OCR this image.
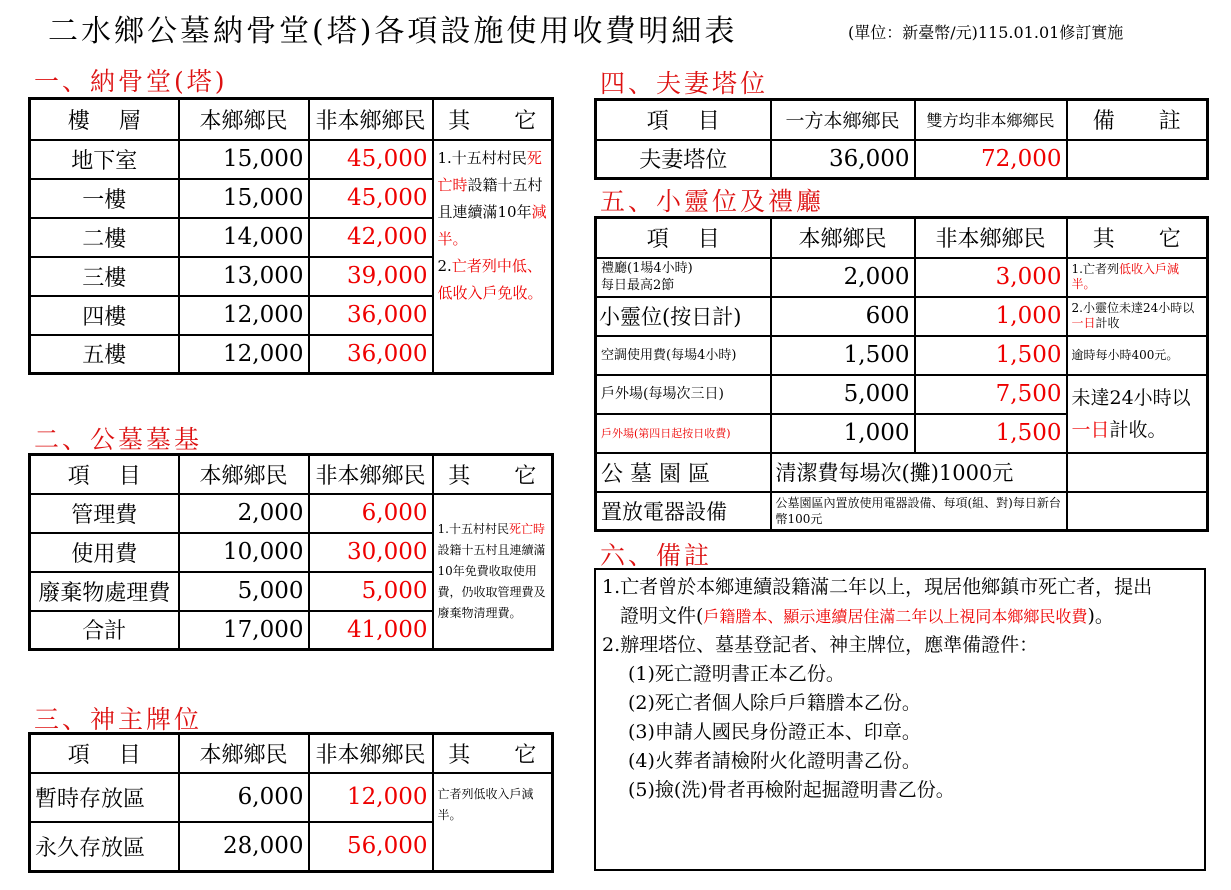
二水鄉公墓納骨堂(塔)各項設施使用收費明細表	(單位：新臺幣/元)115.01.01修訂實施
一、納骨堂(塔)
樓　 層	本鄉鄉民	非本鄉鄉民	其　　它
地下室	15,000	45,000	1.十五村村民死亡時設籍十五村且連續滿10年減半。
2.亡者列中低、低收入戶免收。
一樓	15,000	45,000	
二樓	14,000	42,000	
三樓	13,000	39,000	
四樓	12,000	36,000	
五樓	12,000	36,000	
二、公墓墓基
項　 目	本鄉鄉民	非本鄉鄉民	其　　它
管理費	2,000	6,000	1.十五村村民死亡時設籍十五村且連續滿10年免費收取使用費，仍收取管理費及廢棄物清理費。
使用費	10,000	30,000	
廢棄物處理費	5,000	5,000	
合計	17,000	41,000	
三、神主牌位
項　 目	本鄉鄉民	非本鄉鄉民	其　　它
暫時存放區	6,000	12,000	亡者列低收入戶減半。
永久存放區	28,000	56,000	
四、夫妻塔位
項　 目	一方本鄉鄉民	雙方均非本鄉鄉民	備　　註
夫妻塔位	36,000	72,000	
五、小靈位及禮廳
項　 目	本鄉鄉民	非本鄉鄉民	其　　它
禮廳(1場4小時)
每日最高2節	2,000	3,000	1.亡者列低收入戶減半。
小靈位(按日計)	600	1,000	2.小靈位未達24小時以一日計收
空調使用費(每場4小時)	1,500	1,500	逾時每小時400元。
戶外場(每場次三日)	5,000	7,500	未達24小時以
一日計收。
戶外場(第四日起按日收費)	1,000	1,500	
公 墓 園 區	清潔費每場次(攤)1000元		
置放電器設備	公墓園區內置放使用電器設備、每項(組、對)每日新台幣100元		
六、備註
1.亡者曾於本鄉連續設籍滿二年以上，現居他鄉鎮市死亡者，提出
證明文件(戶籍謄本、顯示連續居住滿二年以上視同本鄉鄉民收費)。
2.辦理塔位、墓基登記者、神主牌位，應準備證件：
(1)死亡證明書正本乙份。
(2)死亡者個人除戶戶籍謄本乙份。
(3)申請人國民身份證正本、印章。
(4)火葬者請檢附火化證明書乙份。
(5)撿(洗)骨者再檢附起掘證明書乙份。
